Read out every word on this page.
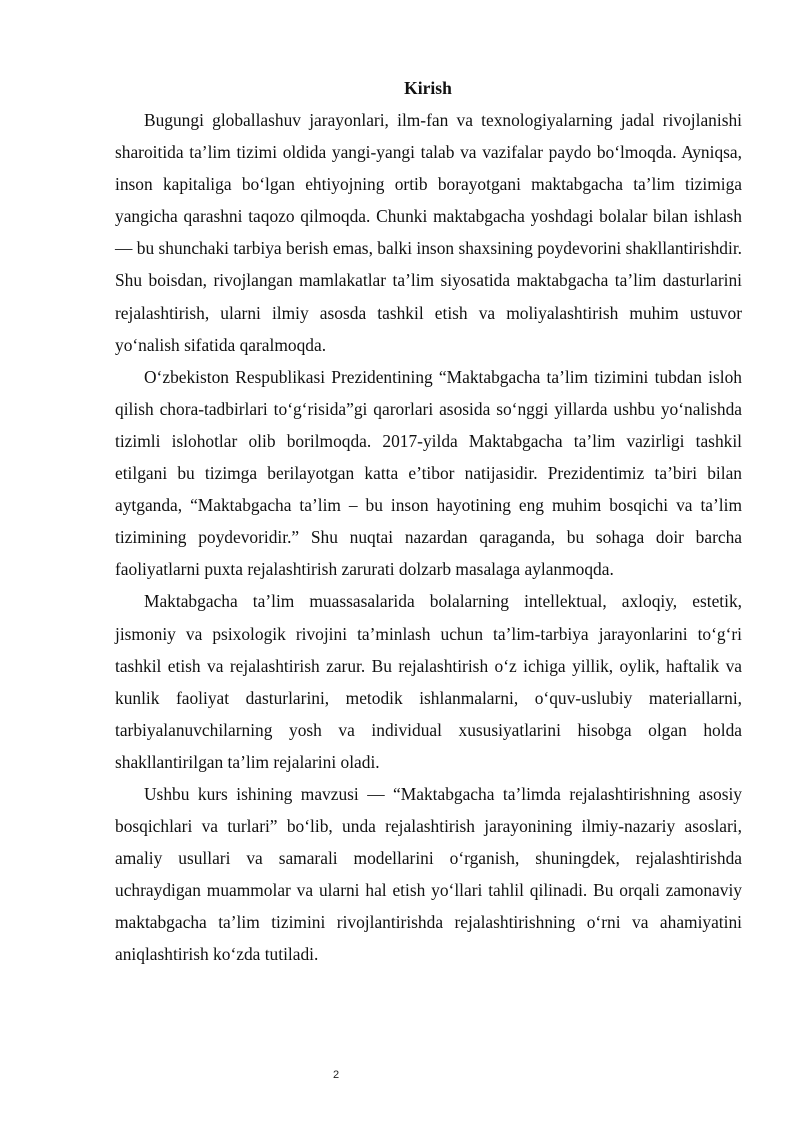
Kirish

Bugungi globallashuv jarayonlari, ilm-fan va texnologiyalarning jadal rivojlanishi sharoitida ta’lim tizimi oldida yangi-yangi talab va vazifalar paydo bo‘lmoqda. Ayniqsa, inson kapitaliga bo‘lgan ehtiyojning ortib borayotgani maktabgacha ta’lim tizimiga yangicha qarashni taqozo qilmoqda. Chunki maktabgacha yoshdagi bolalar bilan ishlash — bu shunchaki tarbiya berish emas, balki inson shaxsining poydevorini shakllantirishdir. Shu boisdan, rivojlangan mamlakatlar ta’lim siyosatida maktabgacha ta’lim dasturlarini rejalashtirish, ularni ilmiy asosda tashkil etish va moliyalashtirish muhim ustuvor yo‘nalish sifatida qaralmoqda.

O‘zbekiston Respublikasi Prezidentining “Maktabgacha ta’lim tizimini tubdan isloh qilish chora-tadbirlari to‘g‘risida”gi qarorlari asosida so‘nggi yillarda ushbu yo‘nalishda tizimli islohotlar olib borilmoqda. 2017-yilda Maktabgacha ta’lim vazirligi tashkil etilgani bu tizimga berilayotgan katta e’tibor natijasidir. Prezidentimiz ta’biri bilan aytganda, “Maktabgacha ta’lim – bu inson hayotining eng muhim bosqichi va ta’lim tizimining poydevoridir.” Shu nuqtai nazardan qaraganda, bu sohaga doir barcha faoliyatlarni puxta rejalashtirish zarurati dolzarb masalaga aylanmoqda.

Maktabgacha ta’lim muassasalarida bolalarning intellektual, axloqiy, estetik, jismoniy va psixologik rivojini ta’minlash uchun ta’lim-tarbiya jarayonlarini to‘g‘ri tashkil etish va rejalashtirish zarur. Bu rejalashtirish o‘z ichiga yillik, oylik, haftalik va kunlik faoliyat dasturlarini, metodik ishlanmalarni, o‘quv-uslubiy materiallarni, tarbiyalanuvchilarning yosh va individual xususiyatlarini hisobga olgan holda shakllantirilgan ta’lim rejalarini oladi.

Ushbu kurs ishining mavzusi — “Maktabgacha ta’limda rejalashtirishning asosiy bosqichlari va turlari” bo‘lib, unda rejalashtirish jarayonining ilmiy-nazariy asoslari, amaliy usullari va samarali modellarini o‘rganish, shuningdek, rejalashtirishda uchraydigan muammolar va ularni hal etish yo‘llari tahlil qilinadi. Bu orqali zamonaviy maktabgacha ta’lim tizimini rivojlantirishda rejalashtirishning o‘rni va ahamiyatini aniqlashtirish ko‘zda tutiladi.

2
